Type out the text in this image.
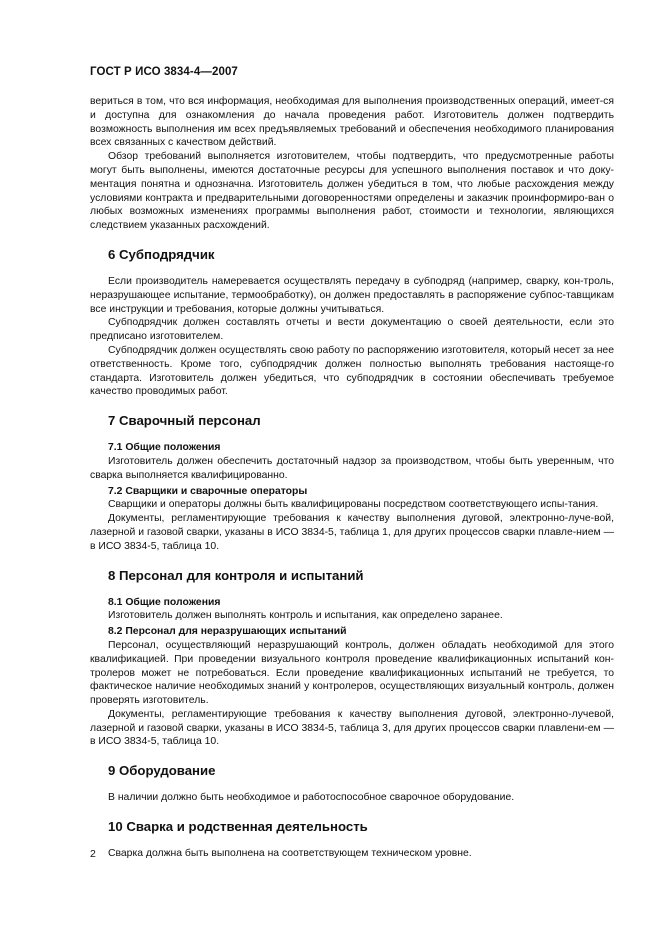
ГОСТ Р ИСО 3834-4—2007

вериться в том, что вся информация, необходимая для выполнения производственных операций, имеет-ся и доступна для ознакомления до начала проведения работ. Изготовитель должен подтвердить возможность выполнения им всех предъявляемых требований и обеспечения необходимого планирования всех связанных с качеством действий.

Обзор требований выполняется изготовителем, чтобы подтвердить, что предусмотренные работы могут быть выполнены, имеются достаточные ресурсы для успешного выполнения поставок и что доку-ментация понятна и однозначна. Изготовитель должен убедиться в том, что любые расхождения между условиями контракта и предварительными договоренностями определены и заказчик проинформиро-ван о любых возможных изменениях программы выполнения работ, стоимости и технологии, являющихся следствием указанных расхождений.

6 Субподрядчик

Если производитель намеревается осуществлять передачу в субподряд (например, сварку, кон-троль, неразрушающее испытание, термообработку), он должен предоставлять в распоряжение субпос-тавщикам все инструкции и требования, которые должны учитываться.

Субподрядчик должен составлять отчеты и вести документацию о своей деятельности, если это предписано изготовителем.

Субподрядчик должен осуществлять свою работу по распоряжению изготовителя, который несет за нее ответственность. Кроме того, субподрядчик должен полностью выполнять требования настояще-го стандарта. Изготовитель должен убедиться, что субподрядчик в состоянии обеспечивать требуемое качество проводимых работ.

7 Сварочный персонал
7.1 Общие положения

Изготовитель должен обеспечить достаточный надзор за производством, чтобы быть уверенным, что сварка выполняется квалифицированно.

7.2 Сварщики и сварочные операторы

Сварщики и операторы должны быть квалифицированы посредством соответствующего испы-тания.

Документы, регламентирующие требования к качеству выполнения дуговой, электронно-луче-вой, лазерной и газовой сварки, указаны в ИСО 3834-5, таблица 1, для других процессов сварки плавле-нием — в ИСО 3834-5, таблица 10.

8 Персонал для контроля и испытаний
8.1 Общие положения

Изготовитель должен выполнять контроль и испытания, как определено заранее.

8.2 Персонал для неразрушающих испытаний

Персонал, осуществляющий неразрушающий контроль, должен обладать необходимой для этого квалификацией. При проведении визуального контроля проведение квалификационных испытаний кон-тролеров может не потребоваться. Если проведение квалификационных испытаний не требуется, то фактическое наличие необходимых знаний у контролеров, осуществляющих визуальный контроль, должен проверять изготовитель.

Документы, регламентирующие требования к качеству выполнения дуговой, электронно-лучевой, лазерной и газовой сварки, указаны в ИСО 3834-5, таблица 3, для других процессов сварки плавлени-ем — в ИСО 3834-5, таблица 10.

9 Оборудование

В наличии должно быть необходимое и работоспособное сварочное оборудование.

10 Сварка и родственная деятельность

Сварка должна быть выполнена на соответствующем техническом уровне.

2
